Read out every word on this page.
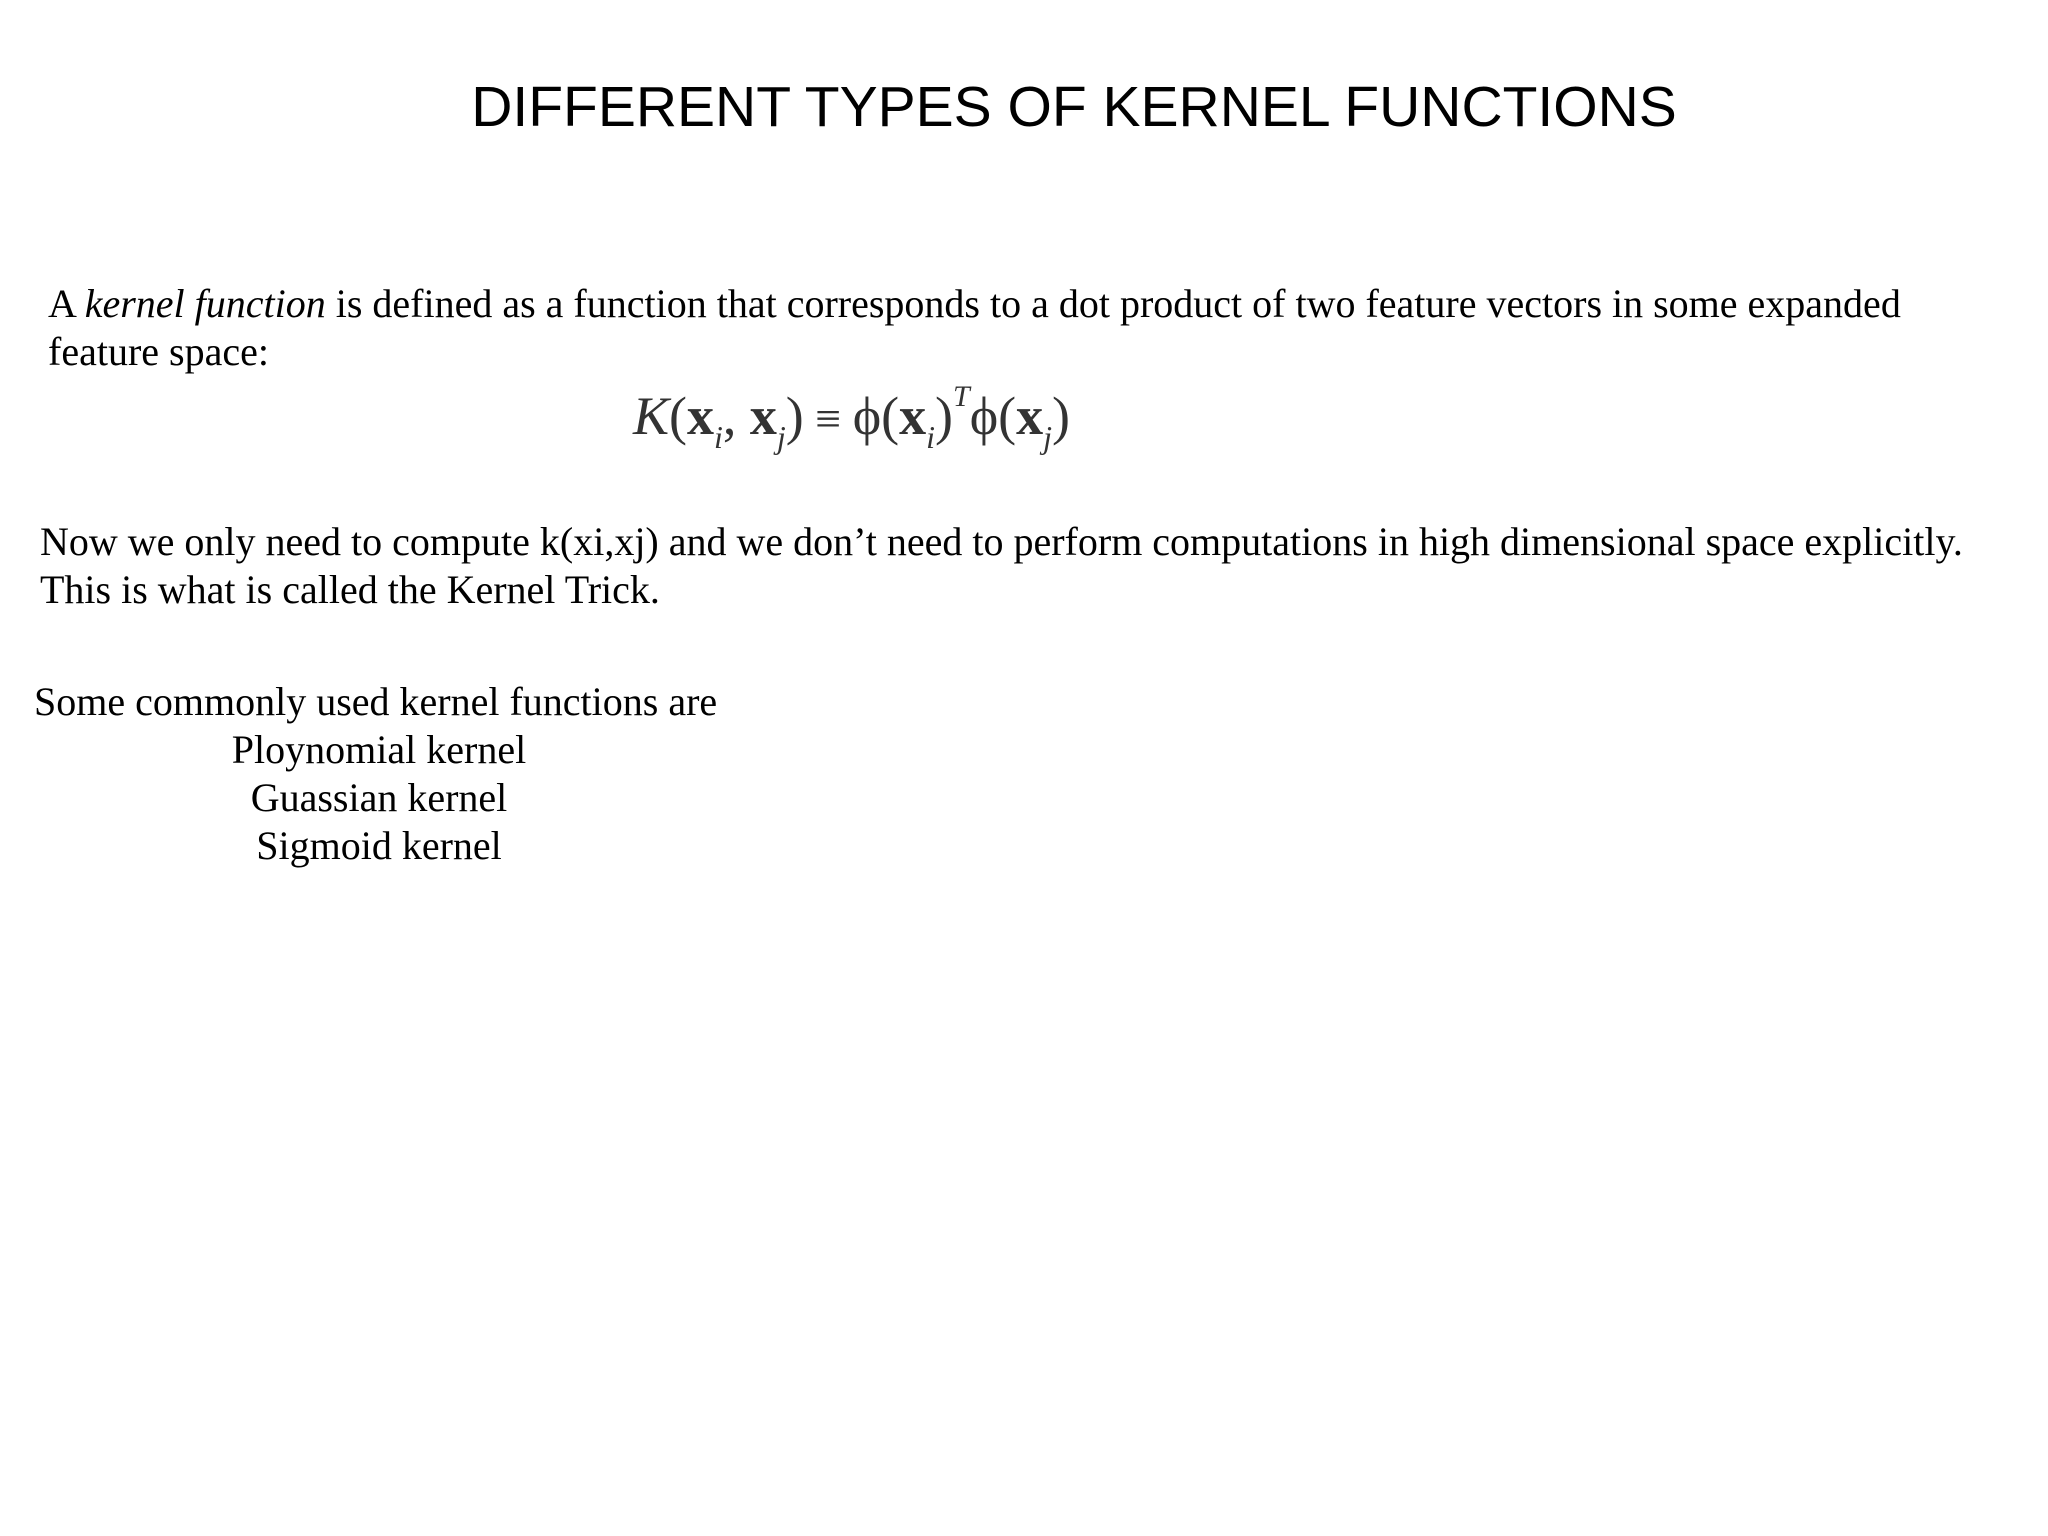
DIFFERENT TYPES OF KERNEL FUNCTIONS
A kernel function is defined as a function that corresponds to a dot product of two feature vectors in some expanded
feature space:
$K(x_i$, $x_j) \equiv \phi(x_i)^T\phi(x_j)$
Now we only need to compute k(xi,xj) and we don’t need to perform computations in high dimensional space explicitly.
This is what is called the Kernel Trick.
Some commonly used kernel functions are
Ploynomial kernel
Guassian kernel
Sigmoid kernel
